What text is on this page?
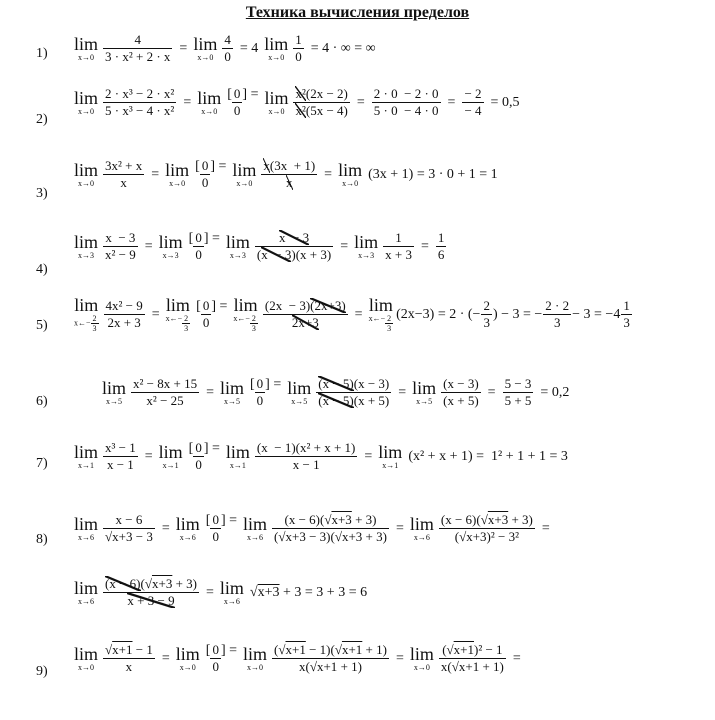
Техника вычисления пределов
1) lim
$x\to 0 \frac{4}{\text{3 · x² + 2 · x}} = \lim$
$x\to 0 \frac{4}{0} = 4$ lim
$x\to 0 \frac{1}{0} = 4$ · ∞ = ∞
2)
lim
$x\to 0 \frac{\text{2 · x³ − 2 · x²}}{\text{5 · x³ − 4 · x²}} = \lim$
x→0
[ $\frac{0}{0}$ ] = lim
$x\to 0 \frac{\text{x²(2x − 2)}}{\text{x²(5x − 4)}} = \frac{2 \cdot 0 - 2 \cdot 0}{5 \cdot 0 - 4 \cdot 0} = \frac{- 2}{- 4} = 0,5$
3)
lim
$x\to 0 \frac{\text{3x² + x}}{x} = \lim$
x→0
[ $\frac{0}{0}$ ] = lim
$x\to 0 \frac{x(3x + 1)}{x} = \lim$
x→0
(3x + 1) = 3 · 0 + 1 = 1
4)
lim
$x\to 3 \frac{x - 3}{\text{x² − 9}} = \lim$
x→3
[ $\frac{0}{0}$ ] = lim
$x\to 3 \frac{x - 3}{(x - 3)(x + 3)} = \lim$
$x\to 3 \frac{1}{x + 3} = \frac{1}{6}$
5)
lim
x←− $\frac{2}{3} \frac{\text{4x² − 9}}{2x + 3} = \lim$
x←− $\frac{2}{3}$
[ $\frac{0}{0}$ ] = lim
x←− $\frac{2}{3} \frac{(2x - 3)(2x+3)}{2x+3} = \lim$
x←− $\frac{2}{3} (2x-3) = 2$ · (− $\frac{2}{3}$ ) − 3 = − $\frac{2 \cdot 2}{3} - 3 = -4 \frac{1}{3}$
6)
lim
$x\to 5 \frac{\text{x² − 8x + 15}}{\text{x² − 25}} = \lim$
x→5
[ $\frac{0}{0}$ ] = lim
$x\to 5 \frac{(x - 5)(x - 3)}{(x - 5)(x + 5)} = \lim$
$x\to 5 \frac{(x - 3)}{(x + 5)} = \frac{5 - 3}{5 + 5} = 0,2$
7)
lim
$x\to 1 \frac{\text{x³ − 1}}{x - 1} = \lim$
x→1
[ $\frac{0}{0}$ ] = lim
$x\to 1 \frac{\text{(x  − 1)(x² + x + 1)}}{x - 1} = \lim$
x→1
(x² + x + 1) =  1² + 1 + 1 = 3
8)
lim
$x\to 6 \frac{x - 6}{√x+3 - 3} = \lim$
x→6
[ $\frac{0}{0}$ ] = lim
$x\to 6 \frac{(x - 6)(√x+3 + 3)}{(√x+3 - 3)(√x+3 + 3)} = \lim$
$x\to 6 \frac{(x - 6)(√x+3 + 3)}{\text{(√x+3)² − 3²}}$ =
lim
$x\to 6 \frac{(x - 6)(√x+3 + 3)}{x + 3 - 9} = \lim$
x→6
√x+3 + 3 = 3 + 3 = 6
9)
lim
$x\to 0 \frac{√x+1 - 1}{x} = \lim$
x→0
[ $\frac{0}{0}$ ] = lim
$x\to 0 \frac{(√x+1 - 1)(√x+1 + 1)}{x(√x+1 + 1)} = \lim$
$x\to 0 \frac{\text{(√x+1)² − 1}}{x(√x+1 + 1)}$ =
